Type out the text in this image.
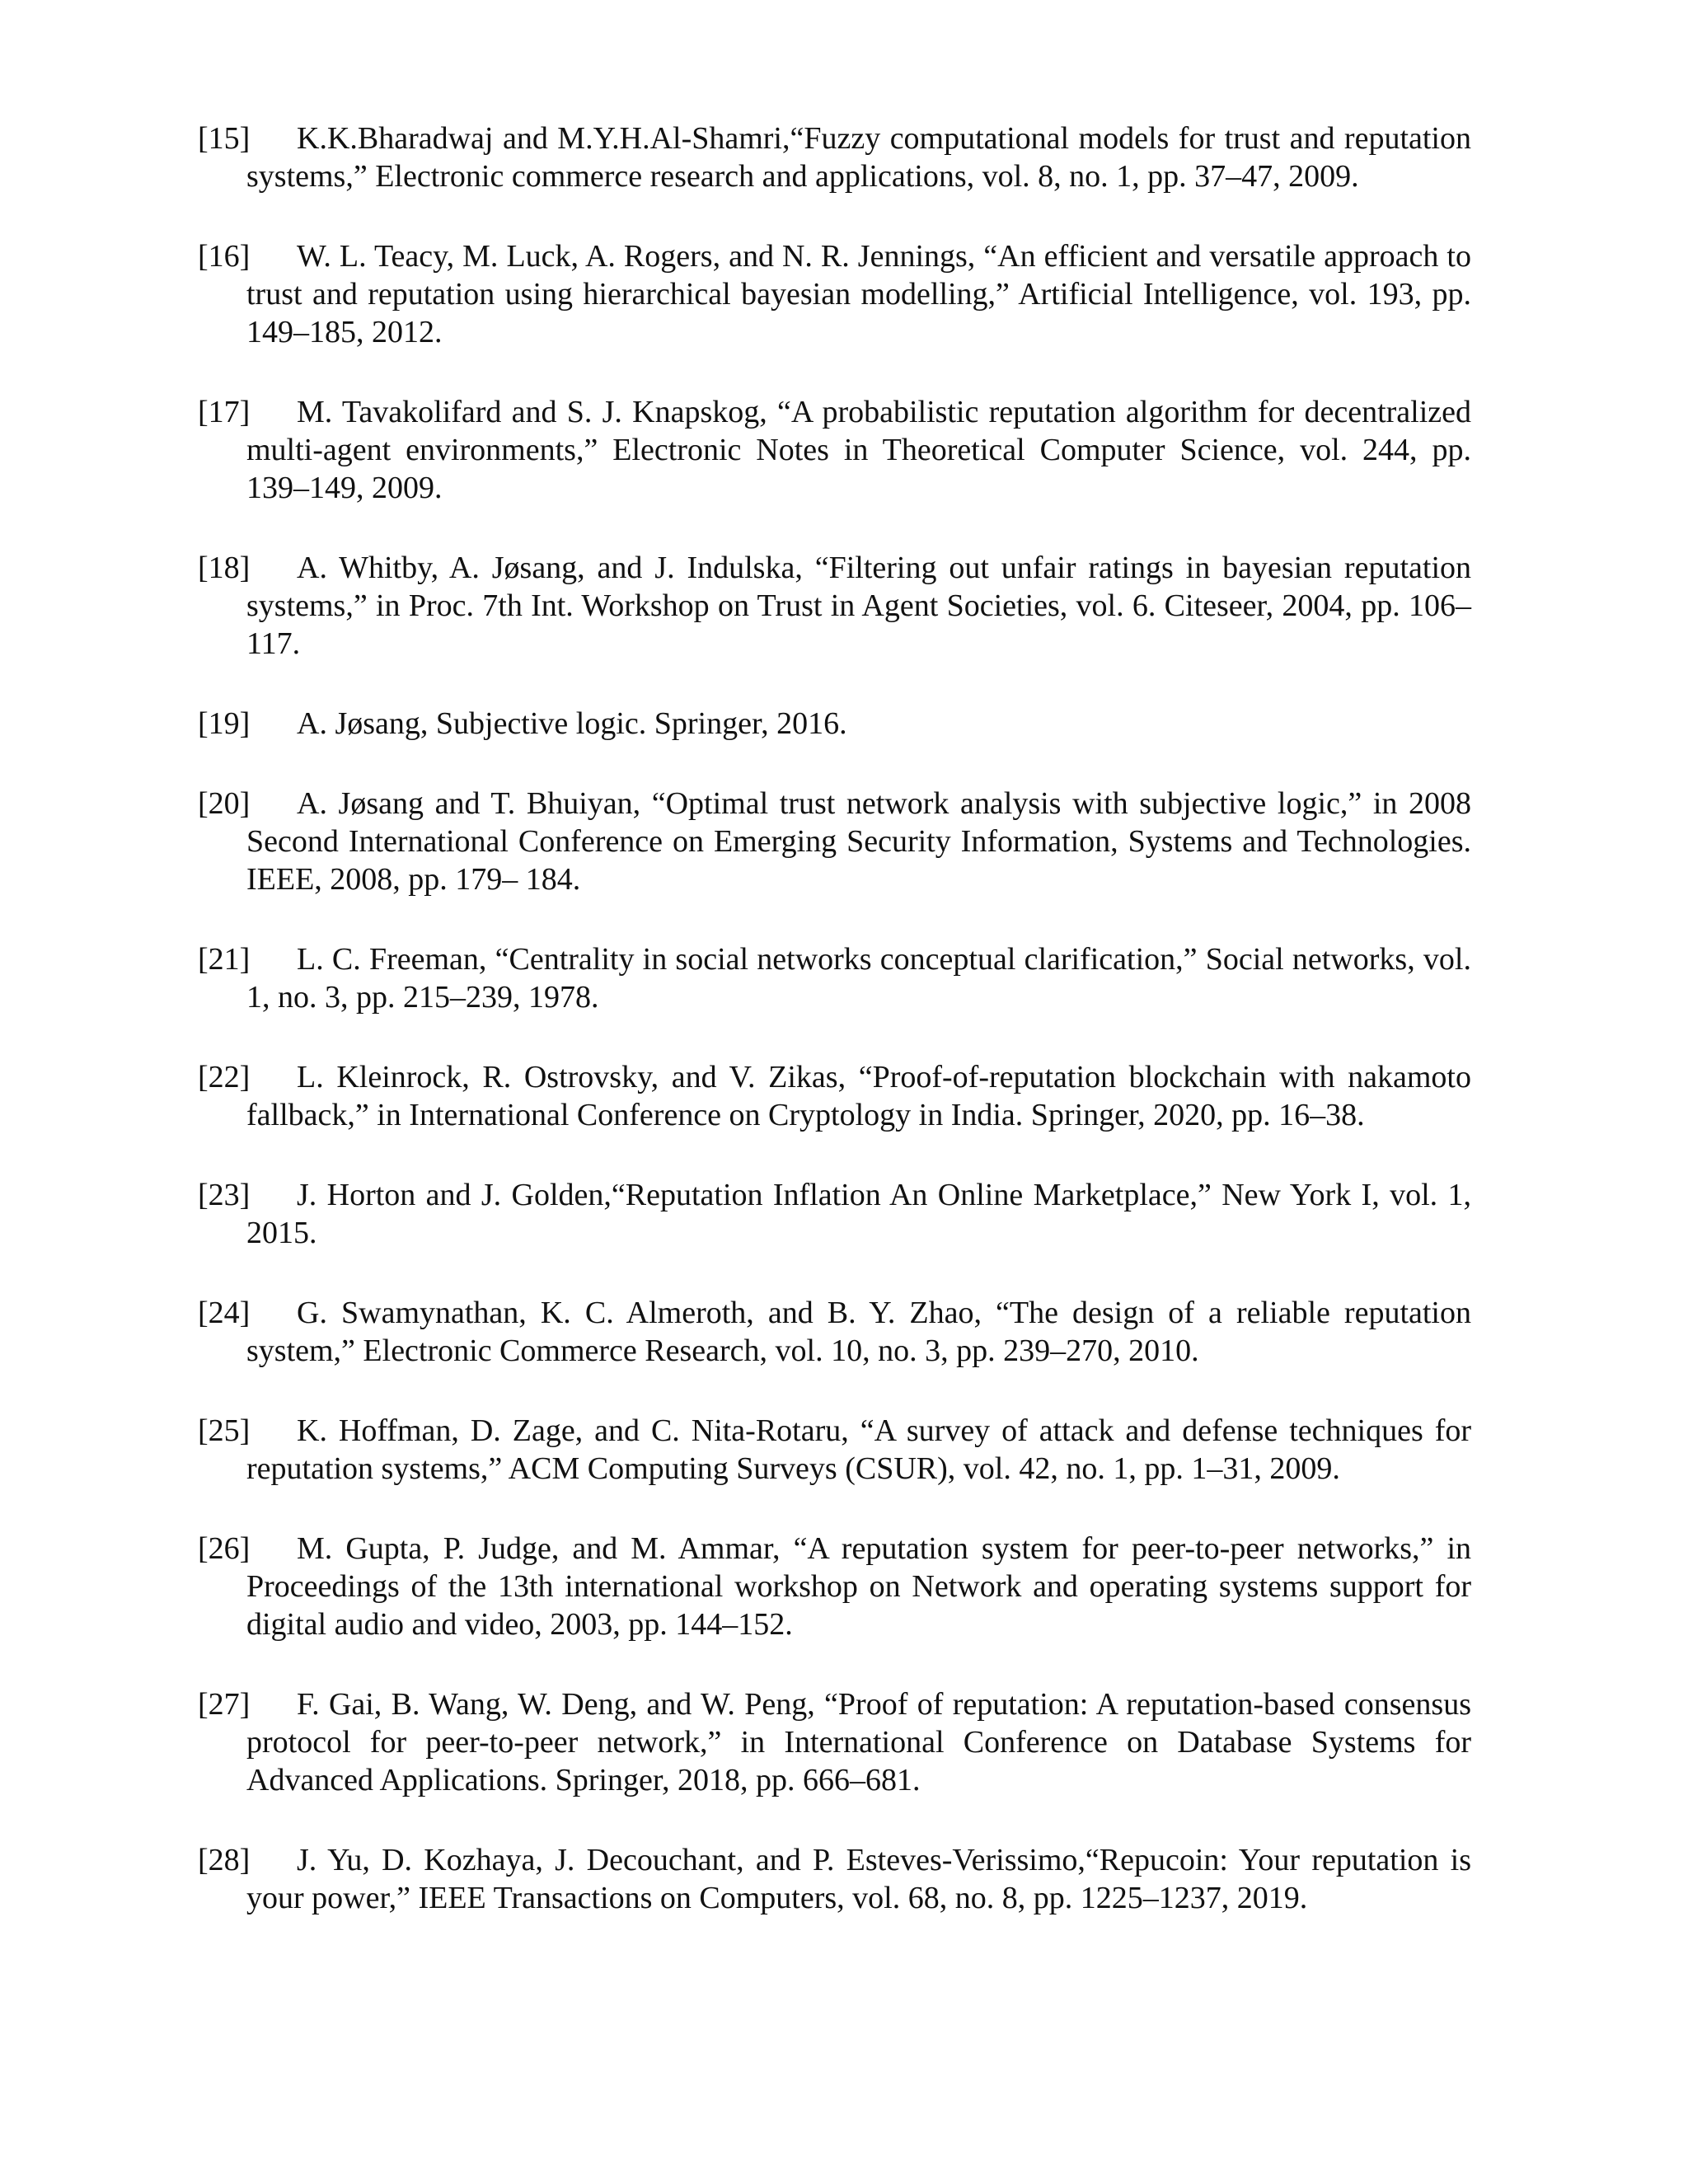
[15] K.K.Bharadwaj and M.Y.H.Al-Shamri,“Fuzzy computational models for trust and reputation systems,” Electronic commerce research and applications, vol. 8, no. 1, pp. 37–47, 2009.

[16] W. L. Teacy, M. Luck, A. Rogers, and N. R. Jennings, “An efficient and versatile approach to trust and reputation using hierarchical bayesian modelling,” Artificial Intelligence, vol. 193, pp. 149–185, 2012.

[17] M. Tavakolifard and S. J. Knapskog, “A probabilistic reputation algorithm for decentralized multi-agent environments,” Electronic Notes in Theoretical Computer Science, vol. 244, pp. 139–149, 2009.

[18] A. Whitby, A. Jøsang, and J. Indulska, “Filtering out unfair ratings in bayesian reputation systems,” in Proc. 7th Int. Workshop on Trust in Agent Societies, vol. 6. Citeseer, 2004, pp. 106–117.

[19] A. Jøsang, Subjective logic. Springer, 2016.

[20] A. Jøsang and T. Bhuiyan, “Optimal trust network analysis with subjective logic,” in 2008 Second International Conference on Emerging Security Information, Systems and Technologies. IEEE, 2008, pp. 179– 184.

[21] L. C. Freeman, “Centrality in social networks conceptual clarification,” Social networks, vol. 1, no. 3, pp. 215–239, 1978.

[22] L. Kleinrock, R. Ostrovsky, and V. Zikas, “Proof-of-reputation blockchain with nakamoto fallback,” in International Conference on Cryptology in India. Springer, 2020, pp. 16–38.

[23] J. Horton and J. Golden,“Reputation Inflation An Online Marketplace,” New York I, vol. 1, 2015.

[24] G. Swamynathan, K. C. Almeroth, and B. Y. Zhao, “The design of a reliable reputation system,” Electronic Commerce Research, vol. 10, no. 3, pp. 239–270, 2010.

[25] K. Hoffman, D. Zage, and C. Nita-Rotaru, “A survey of attack and defense techniques for reputation systems,” ACM Computing Surveys (CSUR), vol. 42, no. 1, pp. 1–31, 2009.

[26] M. Gupta, P. Judge, and M. Ammar, “A reputation system for peer-to-peer networks,” in Proceedings of the 13th international workshop on Network and operating systems support for digital audio and video, 2003, pp. 144–152.

[27] F. Gai, B. Wang, W. Deng, and W. Peng, “Proof of reputation: A reputation-based consensus protocol for peer-to-peer network,” in International Conference on Database Systems for Advanced Applications. Springer, 2018, pp. 666–681.

[28] J. Yu, D. Kozhaya, J. Decouchant, and P. Esteves-Verissimo,“Repucoin: Your reputation is your power,” IEEE Transactions on Computers, vol. 68, no. 8, pp. 1225–1237, 2019.
